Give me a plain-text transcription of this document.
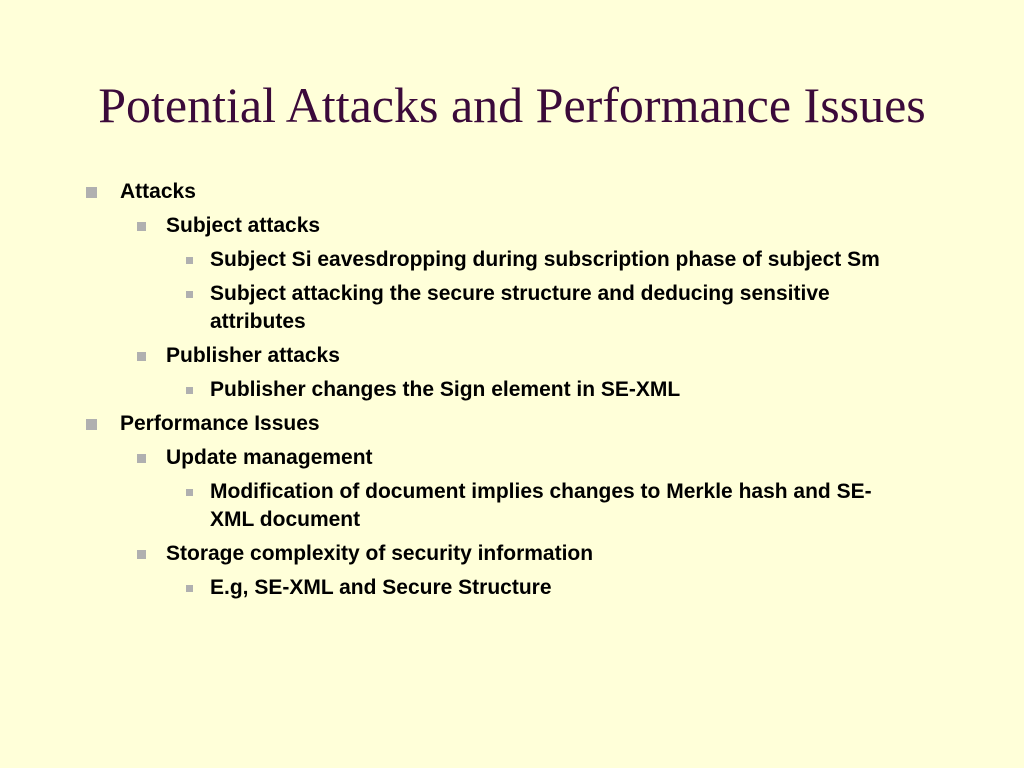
Potential Attacks and Performance Issues
Attacks
Subject attacks
Subject Si eavesdropping during subscription phase of subject Sm
Subject attacking the secure structure and deducing sensitive attributes
Publisher attacks
Publisher changes the Sign element in SE-XML
Performance Issues
Update management
Modification of document implies changes to Merkle hash and SE-XML document
Storage complexity of security information
E.g, SE-XML and Secure Structure
